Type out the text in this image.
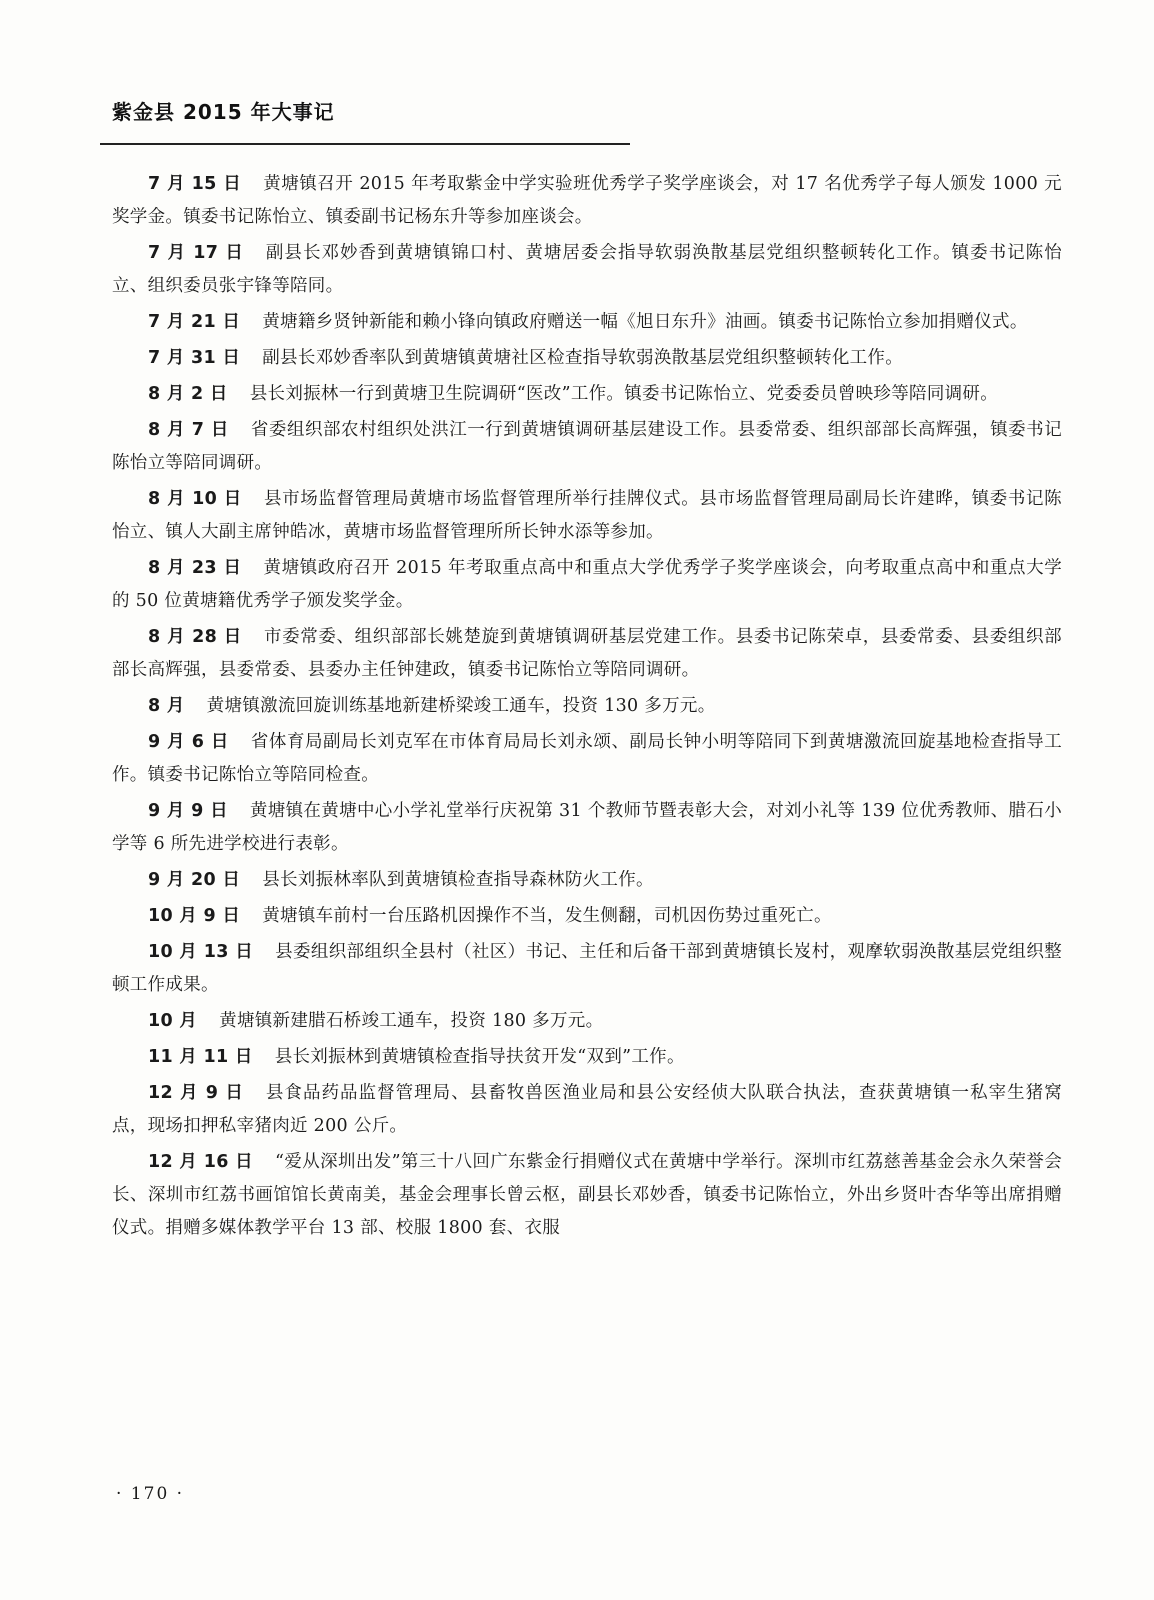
紫金县 2015 年大事记

7 月 15 日 黄塘镇召开 2015 年考取紫金中学实验班优秀学子奖学座谈会，对 17 名优秀学子每人颁发 1000 元奖学金。镇委书记陈怡立、镇委副书记杨东升等参加座谈会。

7 月 17 日 副县长邓妙香到黄塘镇锦口村、黄塘居委会指导软弱涣散基层党组织整顿转化工作。镇委书记陈怡立、组织委员张宇锋等陪同。

7 月 21 日 黄塘籍乡贤钟新能和赖小锋向镇政府赠送一幅《旭日东升》油画。镇委书记陈怡立参加捐赠仪式。

7 月 31 日 副县长邓妙香率队到黄塘镇黄塘社区检查指导软弱涣散基层党组织整顿转化工作。

8 月 2 日 县长刘振林一行到黄塘卫生院调研“医改”工作。镇委书记陈怡立、党委委员曾映珍等陪同调研。

8 月 7 日 省委组织部农村组织处洪江一行到黄塘镇调研基层建设工作。县委常委、组织部部长高辉强，镇委书记陈怡立等陪同调研。

8 月 10 日 县市场监督管理局黄塘市场监督管理所举行挂牌仪式。县市场监督管理局副局长许建晔，镇委书记陈怡立、镇人大副主席钟皓冰，黄塘市场监督管理所所长钟水添等参加。

8 月 23 日 黄塘镇政府召开 2015 年考取重点高中和重点大学优秀学子奖学座谈会，向考取重点高中和重点大学的 50 位黄塘籍优秀学子颁发奖学金。

8 月 28 日 市委常委、组织部部长姚楚旋到黄塘镇调研基层党建工作。县委书记陈荣卓，县委常委、县委组织部部长高辉强，县委常委、县委办主任钟建政，镇委书记陈怡立等陪同调研。

8 月 黄塘镇激流回旋训练基地新建桥梁竣工通车，投资 130 多万元。

9 月 6 日 省体育局副局长刘克军在市体育局局长刘永颂、副局长钟小明等陪同下到黄塘激流回旋基地检查指导工作。镇委书记陈怡立等陪同检查。

9 月 9 日 黄塘镇在黄塘中心小学礼堂举行庆祝第 31 个教师节暨表彰大会，对刘小礼等 139 位优秀教师、腊石小学等 6 所先进学校进行表彰。

9 月 20 日 县长刘振林率队到黄塘镇检查指导森林防火工作。

10 月 9 日 黄塘镇车前村一台压路机因操作不当，发生侧翻，司机因伤势过重死亡。

10 月 13 日 县委组织部组织全县村（社区）书记、主任和后备干部到黄塘镇长岌村，观摩软弱涣散基层党组织整顿工作成果。

10 月 黄塘镇新建腊石桥竣工通车，投资 180 多万元。

11 月 11 日 县长刘振林到黄塘镇检查指导扶贫开发“双到”工作。

12 月 9 日 县食品药品监督管理局、县畜牧兽医渔业局和县公安经侦大队联合执法，查获黄塘镇一私宰生猪窝点，现场扣押私宰猪肉近 200 公斤。

12 月 16 日 “爱从深圳出发”第三十八回广东紫金行捐赠仪式在黄塘中学举行。深圳市红荔慈善基金会永久荣誉会长、深圳市红荔书画馆馆长黄南美，基金会理事长曾云枢，副县长邓妙香，镇委书记陈怡立，外出乡贤叶杏华等出席捐赠仪式。捐赠多媒体教学平台 13 部、校服 1800 套、衣服

· 170 ·
